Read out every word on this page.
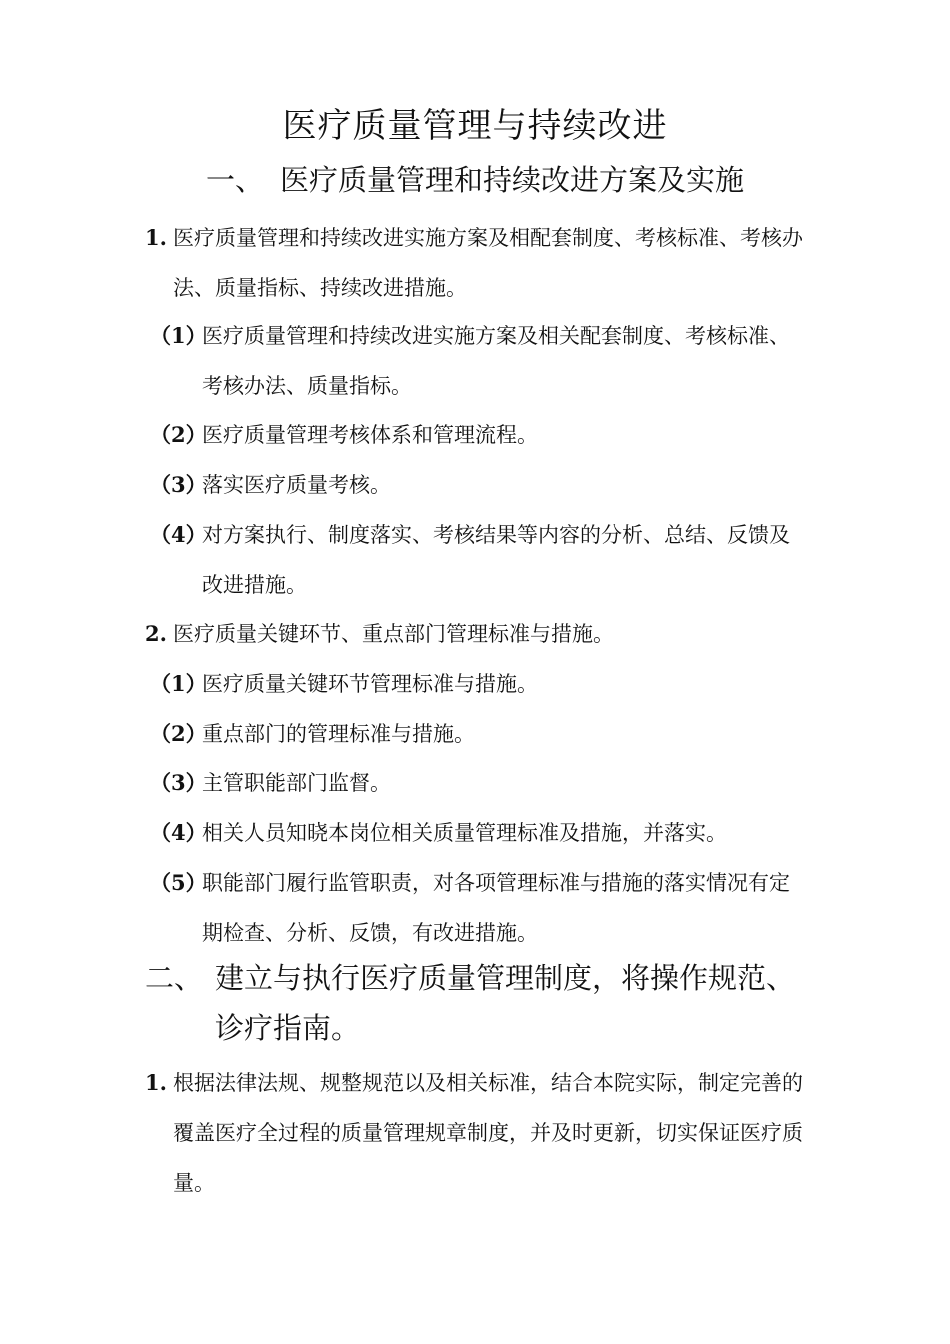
医疗质量管理与持续改进
一、 医疗质量管理和持续改进方案及实施
1. 医疗质量管理和持续改进实施方案及相配套制度、考核标准、考核办法、质量指标、持续改进措施。
（1）
医疗质量管理和持续改进实施方案及相关配套制度、考核标准、考核办法、质量指标。
（2）
医疗质量管理考核体系和管理流程。
（3）
落实医疗质量考核。
（4）
对方案执行、制度落实、考核结果等内容的分析、总结、反馈及改进措施。
2. 医疗质量关键环节、重点部门管理标准与措施。
（1）
医疗质量关键环节管理标准与措施。
（2）
重点部门的管理标准与措施。
（3）
主管职能部门监督。
（4）
相关人员知晓本岗位相关质量管理标准及措施，并落实。
（5）
职能部门履行监管职责，对各项管理标准与措施的落实情况有定期检查、分析、反馈，有改进措施。
二、 建立与执行医疗质量管理制度，将操作规范、诊疗指南。
1. 根据法律法规、规整规范以及相关标准，结合本院实际，制定完善的覆盖医疗全过程的质量管理规章制度，并及时更新，切实保证医疗质量。
